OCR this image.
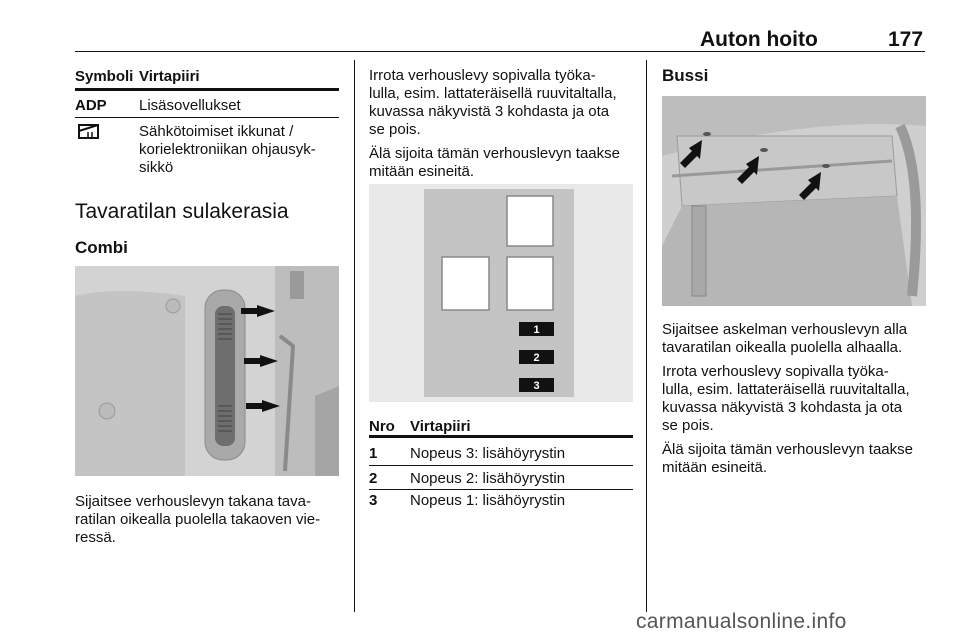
Auton hoito	177
Symboli Virtapiiri
ADP Lisäsovellukset
Sähkötoimiset ikkunat /
korielektroniikan ohjausyk-
sikkö
Tavaratilan sulakerasia
Combi
Sijaitsee verhouslevyn takana tava-
ratilan oikealla puolella takaoven vie-
ressä.
Irrota verhouslevy sopivalla työka-
lulla, esim. lattateräisellä ruuvitaltalla,
kuvassa näkyvistä 3 kohdasta ja ota
se pois.
Älä sijoita tämän verhouslevyn taakse
mitään esineitä.
1
2
3
Nro Virtapiiri
1 Nopeus 3: lisähöyrystin
2 Nopeus 2: lisähöyrystin
3 Nopeus 1: lisähöyrystin
Bussi
Sijaitsee askelman verhouslevyn alla
tavaratilan oikealla puolella alhaalla.
Irrota verhouslevy sopivalla työka-
lulla, esim. lattateräisellä ruuvitaltalla,
kuvassa näkyvistä 3 kohdasta ja ota
se pois.
Älä sijoita tämän verhouslevyn taakse
mitään esineitä.
carmanualsonline.info
